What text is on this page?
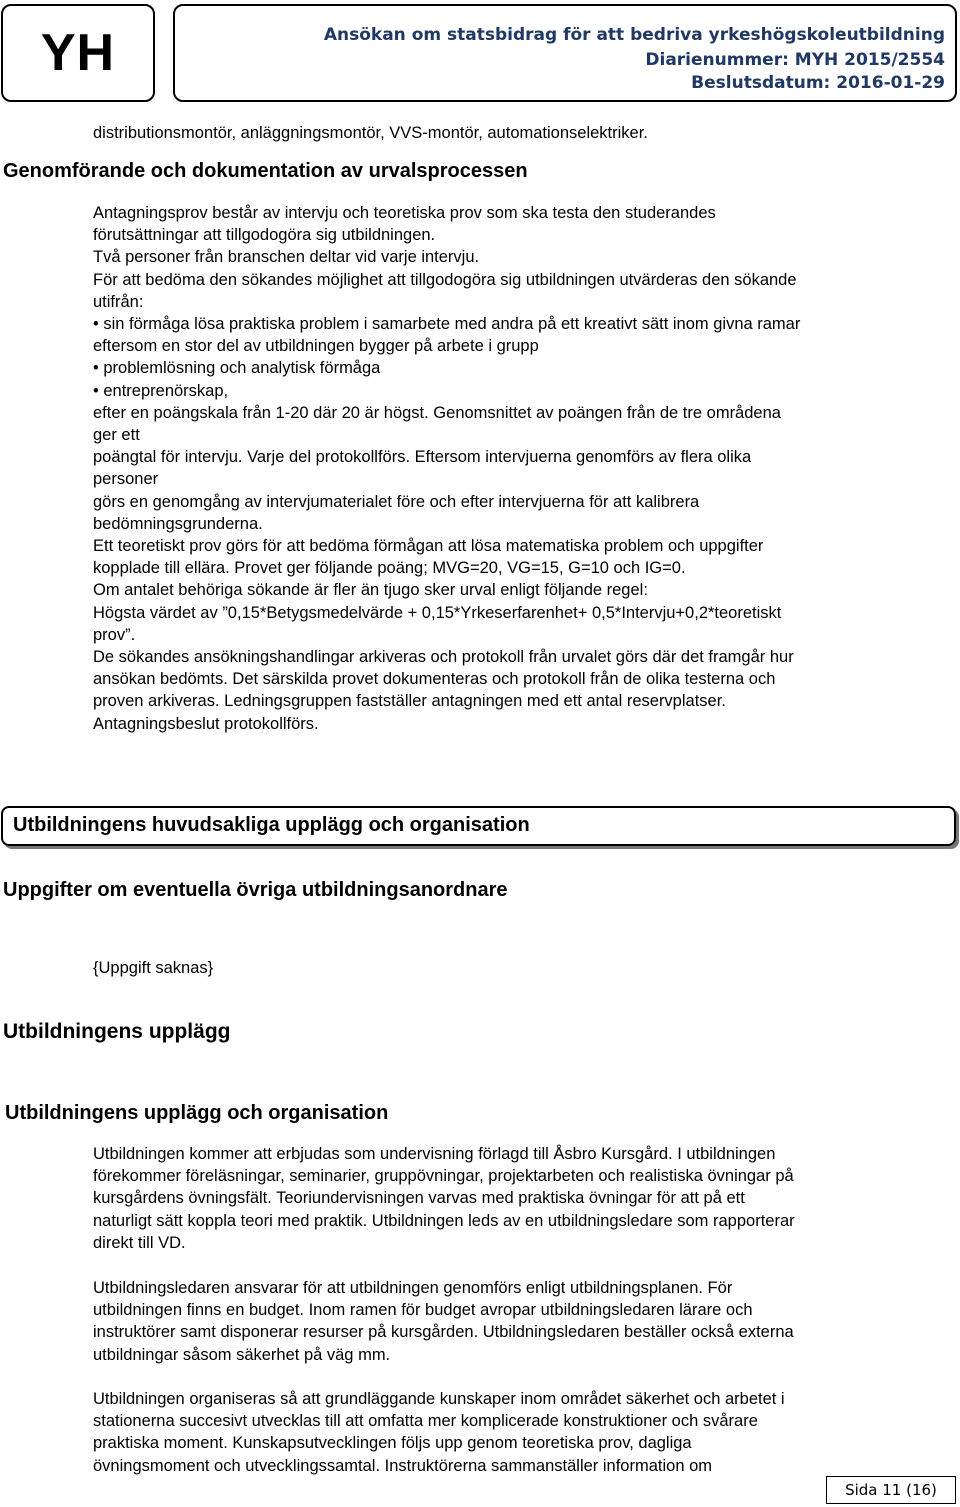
YH	Ansökan om statsbidrag för att bedriva yrkeshögskoleutbildning
Diarienummer: MYH 2015/2554
Beslutsdatum: 2016-01-29
distributionsmontör, anläggningsmontör, VVS-montör, automationselektriker.
Genomförande och dokumentation av urvalsprocessen
Antagningsprov består av intervju och teoretiska prov som ska testa den studerandes
förutsättningar att tillgodogöra sig utbildningen.
Två personer från branschen deltar vid varje intervju.
För att bedöma den sökandes möjlighet att tillgodogöra sig utbildningen utvärderas den sökande
utifrån:
• sin förmåga lösa praktiska problem i samarbete med andra på ett kreativt sätt inom givna ramar
eftersom en stor del av utbildningen bygger på arbete i grupp
• problemlösning och analytisk förmåga
• entreprenörskap,
efter en poängskala från 1-20 där 20 är högst. Genomsnittet av poängen från de tre områdena
ger ett
poängtal för intervju. Varje del protokollförs. Eftersom intervjuerna genomförs av flera olika
personer
görs en genomgång av intervjumaterialet före och efter intervjuerna för att kalibrera
bedömningsgrunderna.
Ett teoretiskt prov görs för att bedöma förmågan att lösa matematiska problem och uppgifter
kopplade till ellära. Provet ger följande poäng; MVG=20, VG=15, G=10 och IG=0.
Om antalet behöriga sökande är fler än tjugo sker urval enligt följande regel:
Högsta värdet av ”0,15*Betygsmedelvärde + 0,15*Yrkeserfarenhet+ 0,5*Intervju+0,2*teoretiskt
prov”.
De sökandes ansökningshandlingar arkiveras och protokoll från urvalet görs där det framgår hur
ansökan bedömts. Det särskilda provet dokumenteras och protokoll från de olika testerna och
proven arkiveras. Ledningsgruppen fastställer antagningen med ett antal reservplatser.
Antagningsbeslut protokollförs.
Utbildningens huvudsakliga upplägg och organisation
Uppgifter om eventuella övriga utbildningsanordnare
{Uppgift saknas}
Utbildningens upplägg
Utbildningens upplägg och organisation
Utbildningen kommer att erbjudas som undervisning förlagd till Åsbro Kursgård. I utbildningen
förekommer föreläsningar, seminarier, gruppövningar, projektarbeten och realistiska övningar på
kursgårdens övningsfält. Teoriundervisningen varvas med praktiska övningar för att på ett
naturligt sätt koppla teori med praktik. Utbildningen leds av en utbildningsledare som rapporterar
direkt till VD.
Utbildningsledaren ansvarar för att utbildningen genomförs enligt utbildningsplanen. För
utbildningen finns en budget. Inom ramen för budget avropar utbildningsledaren lärare och
instruktörer samt disponerar resurser på kursgården. Utbildningsledaren beställer också externa
utbildningar såsom säkerhet på väg mm.
Utbildningen organiseras så att grundläggande kunskaper inom området säkerhet och arbetet i
stationerna succesivt utvecklas till att omfatta mer komplicerade konstruktioner och svårare
praktiska moment. Kunskapsutvecklingen följs upp genom teoretiska prov, dagliga
övningsmoment och utvecklingssamtal. Instruktörerna sammanställer information om
Sida 11 (16)
